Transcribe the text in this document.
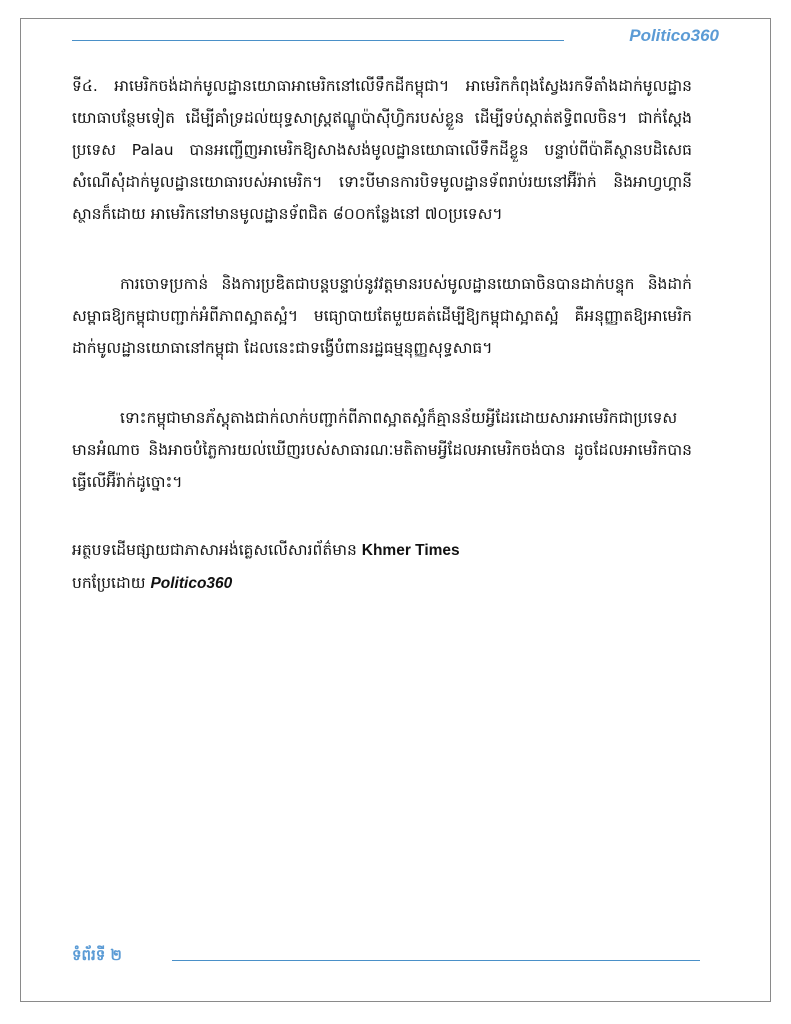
Politico360

ទី៤. អាមេរិកចង់ដាក់មូលដ្ឋានយោធាអាមេរិកនៅលើទឹកដីកម្ពុជា។ អាមេរិកកំពុងស្វែងរកទីតាំងដាក់មូលដ្ឋានយោធាបន្ថែមទៀត ដើម្បីគាំទ្រដល់យុទ្ធសាស្ត្រឥណ្ឌូប៉ាស៊ីហ្វិករបស់ខ្លួន ដើម្បីទប់ស្កាត់ឥទ្ធិពលចិន។ ជាក់ស្តែង ប្រទេស Palau បានអញ្ជើញអាមេរិកឱ្យសាងសង់មូលដ្ឋានយោធាលើទឹកដីខ្លួន បន្ទាប់ពីប៉ាគីស្ថានបដិសេធសំណើសុំដាក់មូលដ្ឋានយោធារបស់អាមេរិក។ ទោះបីមានការបិទមូលដ្ឋានទ័ពរាប់រយនៅអ៊ីរ៉ាក់ និងអាហ្វហ្គានីស្ថានក៏ដោយ អាមេរិកនៅមានមូលដ្ឋានទ័ពជិត ៨០០កន្លែងនៅ ៧០ប្រទេស។

ការចោទប្រកាន់ និងការប្រឌិតជាបន្តបន្ទាប់នូវវត្តមានរបស់មូលដ្ឋានយោធាចិនបានដាក់បន្ទុក និងដាក់សម្ពាធឱ្យកម្ពុជាបញ្ជាក់អំពីភាពស្អាតស្អំ។ មធ្យោបាយតែមួយគត់ដើម្បីឱ្យកម្ពុជាស្អាតស្អំ គឺអនុញ្ញាតឱ្យអាមេរិកដាក់មូលដ្ឋានយោធានៅកម្ពុជា ដែលនេះជាទង្វើបំពានរដ្ឋធម្មនុញ្ញសុទ្ធសាធ។

ទោះកម្ពុជាមានភ័ស្តុតាងជាក់លាក់បញ្ជាក់ពីភាពស្អាតស្អំក៏គ្មានន័យអ្វីដែរដោយសារអាមេរិកជាប្រទេសមានអំណាច និងអាចបំភ្លៃការយល់ឃើញរបស់សាធារណៈមតិតាមអ្វីដែលអាមេរិកចង់បាន ដូចដែលអាមេរិកបានធ្វើលើអ៊ីរ៉ាក់ដូច្នោះ។

អត្ថបទដើមផ្សាយជាភាសាអង់គ្លេសលើសារព័ត៌មាន Khmer Times

បកប្រែដោយ Politico360

ទំព័រទី ២
